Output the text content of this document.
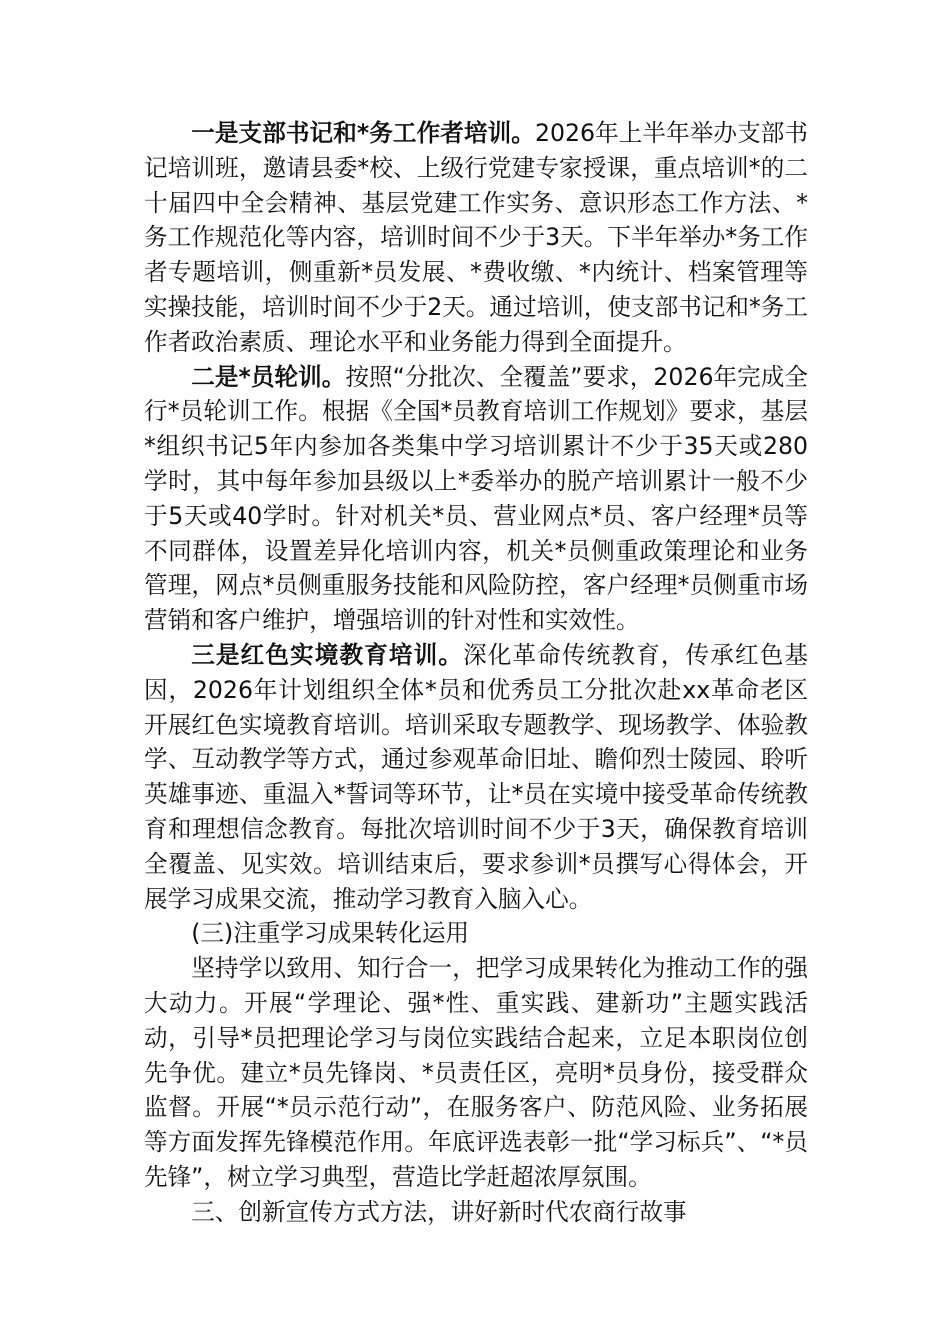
一是支部书记和*务工作者培训。2026年上半年举办支部书记培训班，邀请县委*校、上级行党建专家授课，重点培训*的二十届四中全会精神、基层党建工作实务、意识形态工作方法、*务工作规范化等内容，培训时间不少于3天。下半年举办*务工作者专题培训，侧重新*员发展、*费收缴、*内统计、档案管理等实操技能，培训时间不少于2天。通过培训，使支部书记和*务工作者政治素质、理论水平和业务能力得到全面提升。

二是*员轮训。按照“分批次、全覆盖”要求，2026年完成全行*员轮训工作。根据《全国*员教育培训工作规划》要求，基层*组织书记5年内参加各类集中学习培训累计不少于35天或280学时，其中每年参加县级以上*委举办的脱产培训累计一般不少于5天或40学时。针对机关*员、营业网点*员、客户经理*员等不同群体，设置差异化培训内容，机关*员侧重政策理论和业务管理，网点*员侧重服务技能和风险防控，客户经理*员侧重市场营销和客户维护，增强培训的针对性和实效性。

三是红色实境教育培训。深化革命传统教育，传承红色基因，2026年计划组织全体*员和优秀员工分批次赴xx革命老区开展红色实境教育培训。培训采取专题教学、现场教学、体验教学、互动教学等方式，通过参观革命旧址、瞻仰烈士陵园、聆听英雄事迹、重温入*誓词等环节，让*员在实境中接受革命传统教育和理想信念教育。每批次培训时间不少于3天，确保教育培训全覆盖、见实效。培训结束后，要求参训*员撰写心得体会，开展学习成果交流，推动学习教育入脑入心。

(三)注重学习成果转化运用

坚持学以致用、知行合一，把学习成果转化为推动工作的强大动力。开展“学理论、强*性、重实践、建新功”主题实践活动，引导*员把理论学习与岗位实践结合起来，立足本职岗位创先争优。建立*员先锋岗、*员责任区，亮明*员身份，接受群众监督。开展“*员示范行动”，在服务客户、防范风险、业务拓展等方面发挥先锋模范作用。年底评选表彰一批“学习标兵”、“*员先锋”，树立学习典型，营造比学赶超浓厚氛围。

三、创新宣传方式方法，讲好新时代农商行故事
